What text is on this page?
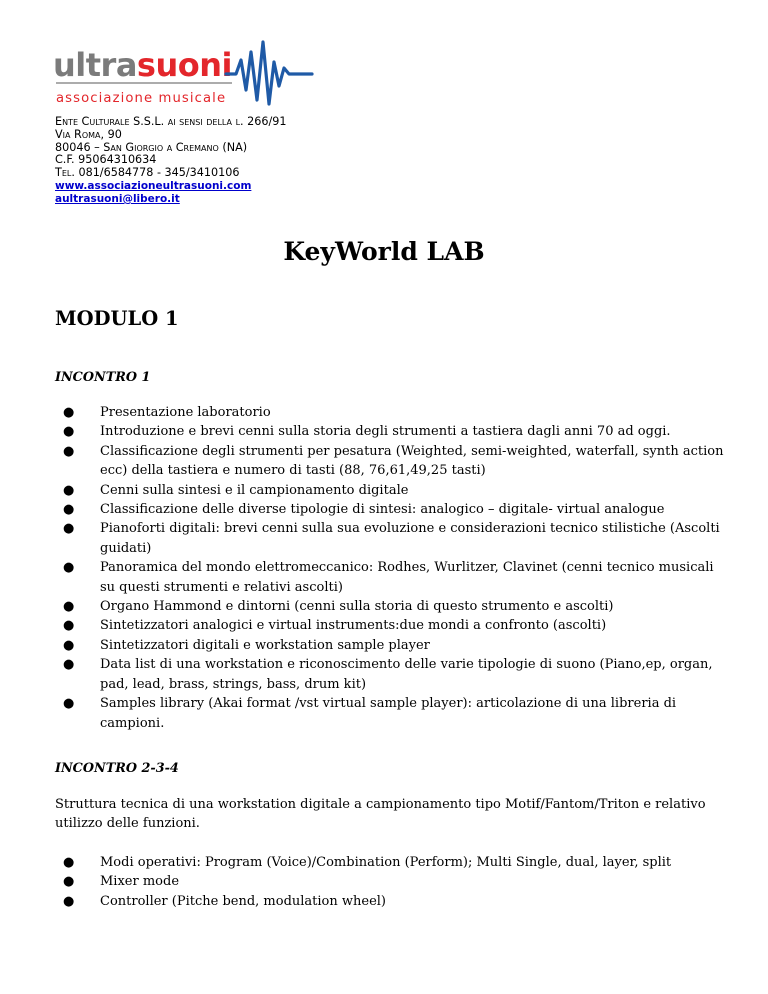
ultrasuoni
associazione musicale
Ente Culturale S.S.L. ai sensi della l. 266/91
Via Roma, 90
80046 – San Giorgio a Cremano (NA)
C.F. 95064310634
Tel. 081/6584778 - 345/3410106
www.associazioneultrasuoni.com
aultrasuoni@libero.it
KeyWorld LAB
MODULO 1
INCONTRO 1
● Presentazione laboratorio
● Introduzione e brevi cenni sulla storia degli strumenti a tastiera dagli anni 70 ad oggi.
● Classificazione degli strumenti per pesatura (Weighted, semi-weighted, waterfall, synth action ecc) della tastiera e numero di tasti (88, 76,61,49,25 tasti)
● Cenni sulla sintesi e il campionamento digitale
● Classificazione delle diverse tipologie di sintesi: analogico – digitale- virtual analogue
● Pianoforti digitali: brevi cenni sulla sua evoluzione e considerazioni tecnico stilistiche (Ascolti guidati)
● Panoramica del mondo elettromeccanico: Rodhes, Wurlitzer, Clavinet (cenni tecnico musicali su questi strumenti e relativi ascolti)
● Organo Hammond e dintorni (cenni sulla storia di questo strumento e ascolti)
● Sintetizzatori analogici e virtual instruments:due mondi a confronto (ascolti)
● Sintetizzatori digitali e workstation sample player
● Data list di una workstation e riconoscimento delle varie tipologie di suono (Piano,ep, organ, pad, lead, brass, strings, bass, drum kit)
● Samples library (Akai format /vst virtual sample player): articolazione di una libreria di campioni.
INCONTRO 2-3-4
Struttura tecnica di una workstation digitale a campionamento tipo Motif/Fantom/Triton e relativo utilizzo delle funzioni.
● Modi operativi: Program (Voice)/Combination (Perform); Multi Single, dual, layer, split
● Mixer mode
● Controller (Pitche bend, modulation wheel)
